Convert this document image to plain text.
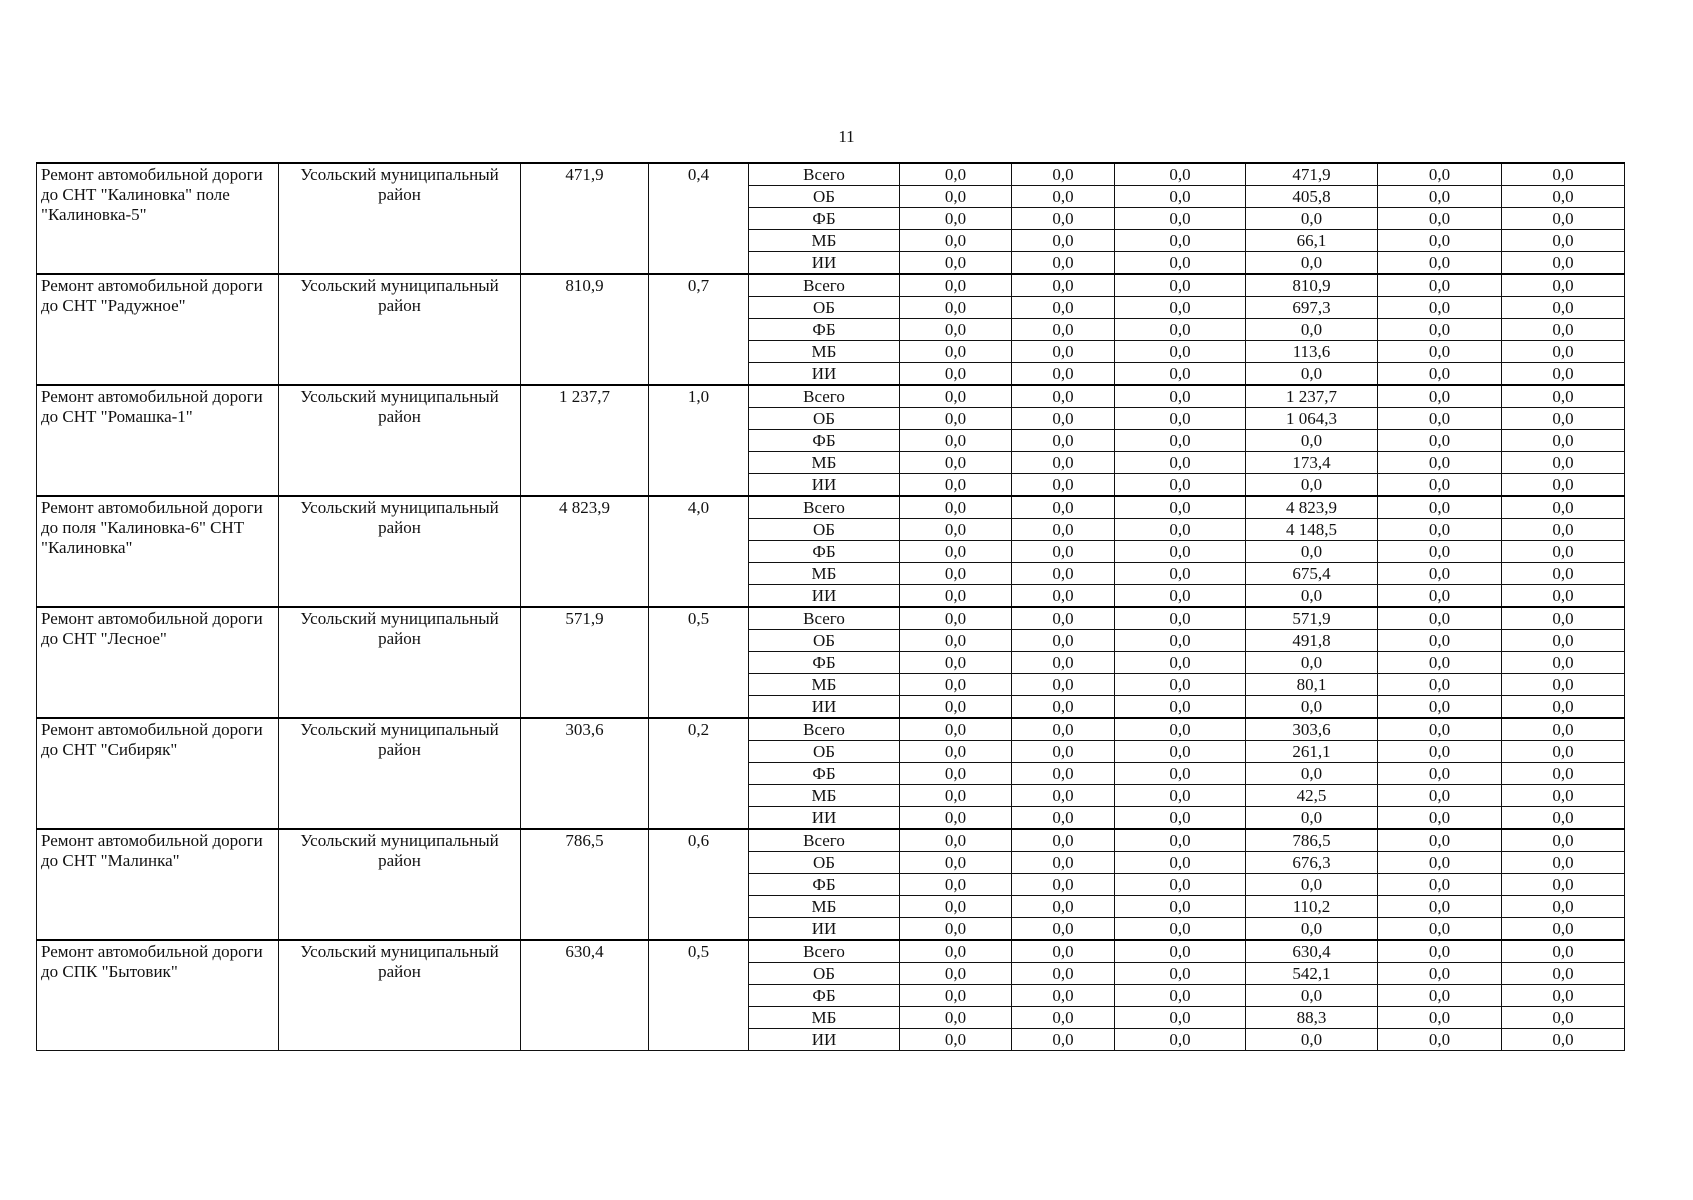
11
Ремонт автомобильной дороги до СНТ "Калиновка" поле "Калиновка-5"	Усольский муниципальный район	471,9	0,4	Всего	0,0	0,0	0,0	471,9	0,0	0,0
				ОБ	0,0	0,0	0,0	405,8	0,0	0,0
				ФБ	0,0	0,0	0,0	0,0	0,0	0,0
				МБ	0,0	0,0	0,0	66,1	0,0	0,0
				ИИ	0,0	0,0	0,0	0,0	0,0	0,0
Ремонт автомобильной дороги до СНТ "Радужное"	Усольский муниципальный район	810,9	0,7	Всего	0,0	0,0	0,0	810,9	0,0	0,0
				ОБ	0,0	0,0	0,0	697,3	0,0	0,0
				ФБ	0,0	0,0	0,0	0,0	0,0	0,0
				МБ	0,0	0,0	0,0	113,6	0,0	0,0
				ИИ	0,0	0,0	0,0	0,0	0,0	0,0
Ремонт автомобильной дороги до СНТ "Ромашка-1"	Усольский муниципальный район	1 237,7	1,0	Всего	0,0	0,0	0,0	1 237,7	0,0	0,0
				ОБ	0,0	0,0	0,0	1 064,3	0,0	0,0
				ФБ	0,0	0,0	0,0	0,0	0,0	0,0
				МБ	0,0	0,0	0,0	173,4	0,0	0,0
				ИИ	0,0	0,0	0,0	0,0	0,0	0,0
Ремонт автомобильной дороги до поля "Калиновка-6" СНТ "Калиновка"	Усольский муниципальный район	4 823,9	4,0	Всего	0,0	0,0	0,0	4 823,9	0,0	0,0
				ОБ	0,0	0,0	0,0	4 148,5	0,0	0,0
				ФБ	0,0	0,0	0,0	0,0	0,0	0,0
				МБ	0,0	0,0	0,0	675,4	0,0	0,0
				ИИ	0,0	0,0	0,0	0,0	0,0	0,0
Ремонт автомобильной дороги до СНТ "Лесное"	Усольский муниципальный район	571,9	0,5	Всего	0,0	0,0	0,0	571,9	0,0	0,0
				ОБ	0,0	0,0	0,0	491,8	0,0	0,0
				ФБ	0,0	0,0	0,0	0,0	0,0	0,0
				МБ	0,0	0,0	0,0	80,1	0,0	0,0
				ИИ	0,0	0,0	0,0	0,0	0,0	0,0
Ремонт автомобильной дороги до СНТ "Сибиряк"	Усольский муниципальный район	303,6	0,2	Всего	0,0	0,0	0,0	303,6	0,0	0,0
				ОБ	0,0	0,0	0,0	261,1	0,0	0,0
				ФБ	0,0	0,0	0,0	0,0	0,0	0,0
				МБ	0,0	0,0	0,0	42,5	0,0	0,0
				ИИ	0,0	0,0	0,0	0,0	0,0	0,0
Ремонт автомобильной дороги до СНТ "Малинка"	Усольский муниципальный район	786,5	0,6	Всего	0,0	0,0	0,0	786,5	0,0	0,0
				ОБ	0,0	0,0	0,0	676,3	0,0	0,0
				ФБ	0,0	0,0	0,0	0,0	0,0	0,0
				МБ	0,0	0,0	0,0	110,2	0,0	0,0
				ИИ	0,0	0,0	0,0	0,0	0,0	0,0
Ремонт автомобильной дороги до СПК "Бытовик"	Усольский муниципальный район	630,4	0,5	Всего	0,0	0,0	0,0	630,4	0,0	0,0
				ОБ	0,0	0,0	0,0	542,1	0,0	0,0
				ФБ	0,0	0,0	0,0	0,0	0,0	0,0
				МБ	0,0	0,0	0,0	88,3	0,0	0,0
				ИИ	0,0	0,0	0,0	0,0	0,0	0,0
